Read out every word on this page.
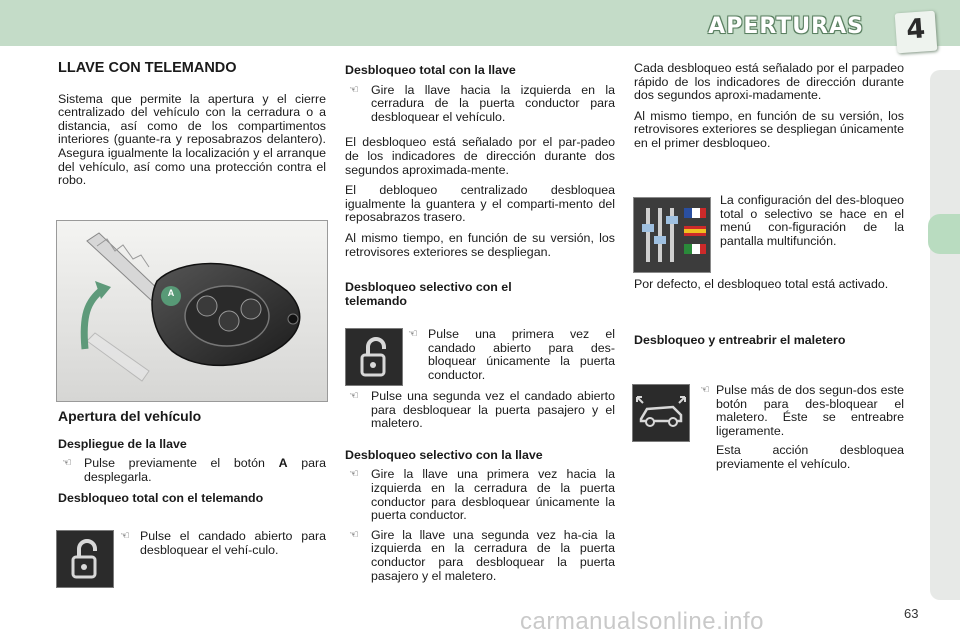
APERTURAS	4
LLAVE CON TELEMANDO

Sistema que permite la apertura y el cierre centralizado del vehículo con la cerradura o a distancia, así como de los compartimentos interiores (guante-ra y reposabrazos delantero). Asegura igualmente la localización y el arranque del vehículo, así como una protección contra el robo.

A
Apertura del vehículo
Despliegue de la llave
☜ Pulse previamente el botón A para desplegarla.
Desbloqueo total con el telemando
☜ Pulse el candado abierto para desbloquear el vehí-culo.
Desbloqueo total con la llave
☜ Gire la llave hacia la izquierda en la cerradura de la puerta conductor para desbloquear el vehículo.

El desbloqueo está señalado por el par-padeo de los indicadores de dirección durante dos segundos aproximada-mente.

El debloqueo centralizado desbloquea igualmente la guantera y el comparti-mento del reposabrazos trasero.

Al mismo tiempo, en función de su versión, los retrovisores exteriores se despliegan.

Desbloqueo selectivo con el telemando
☜ Pulse una primera vez el candado abierto para des-bloquear únicamente la puerta conductor.
☜ Pulse una segunda vez el candado abierto para desbloquear la puerta pasajero y el maletero.
Desbloqueo selectivo con la llave
☜ Gire la llave una primera vez hacia la izquierda en la cerradura de la puerta conductor para desbloquear únicamente la puerta conductor.
☜ Gire la llave una segunda vez ha-cia la izquierda en la cerradura de la puerta conductor para desbloquear la puerta pasajero y el maletero.

Cada desbloqueo está señalado por el parpadeo rápido de los indicadores de dirección durante dos segundos aproxi-madamente.

Al mismo tiempo, en función de su versión, los retrovisores exteriores se despliegan únicamente en el primer desbloqueo.

La configuración del des-bloqueo total o selectivo se hace en el menú con-figuración de la pantalla multifunción.

Por defecto, el desbloqueo total está activado.

Desbloqueo y entreabrir el maletero
☜ Pulse más de dos segun-dos este botón para des-bloquear el maletero. Éste se entreabre ligeramente.

Esta acción desbloquea previamente el vehículo.

carmanualsonline.info	63
